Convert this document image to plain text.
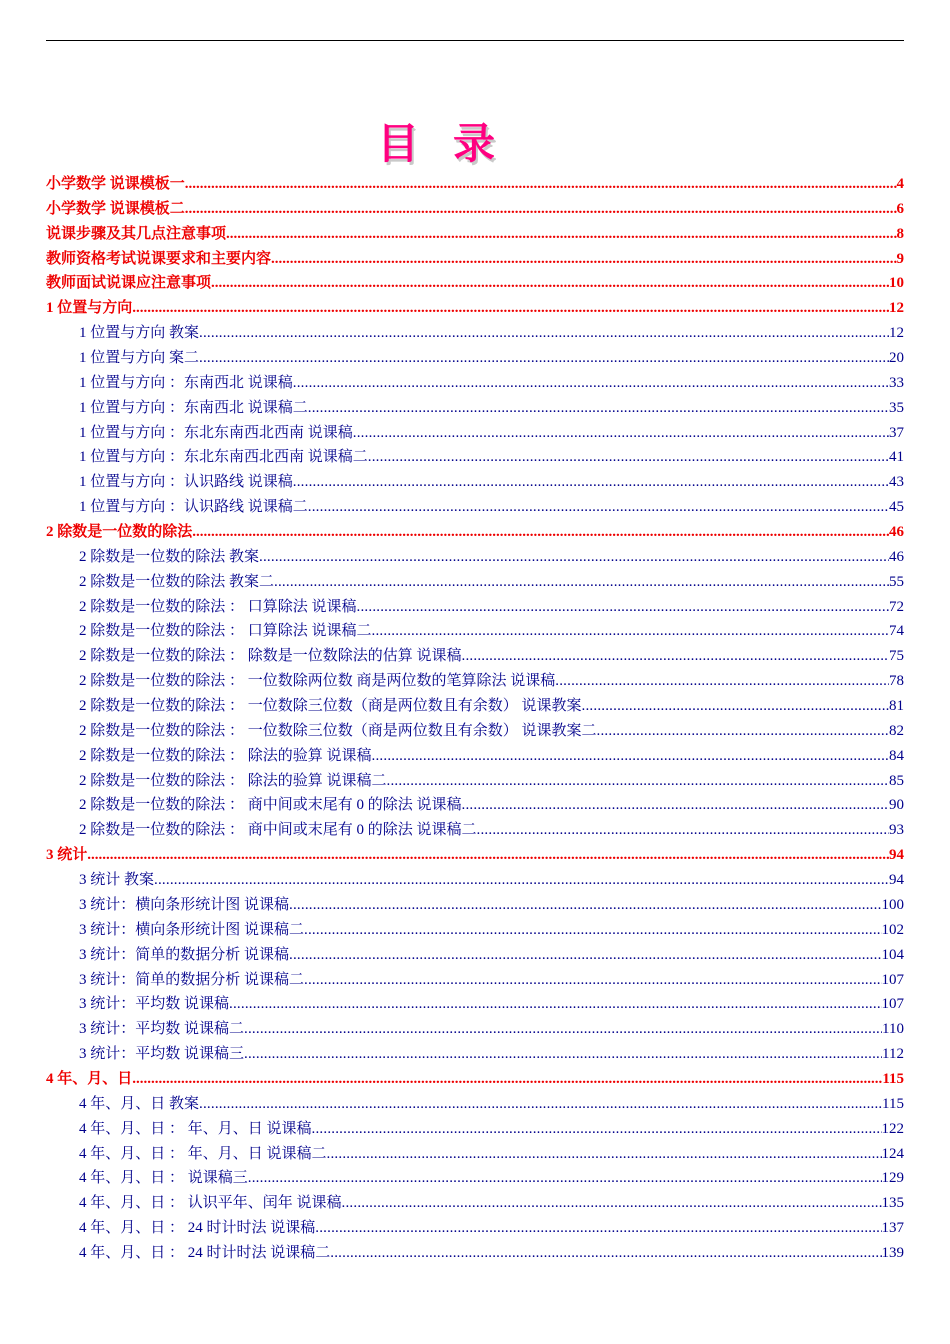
目录
小学数学 说课模板一 .....	4
小学数学 说课模板二 .....	6
说课步骤及其几点注意事项 .....	8
教师资格考试说课要求和主要内容 .....	9
教师面试说课应注意事项 .....	10
1 位置与方向 .....	12
1 位置与方向 教案 .....	12
1 位置与方向 案二 .....	20
1 位置与方向 ：东南西北 说课稿 .....	33
1 位置与方向 ：东南西北 说课稿二 .....	35
1 位置与方向 ：东北东南西北西南 说课稿 .....	37
1 位置与方向 ：东北东南西北西南 说课稿二 .....	41
1 位置与方向 ：认识路线 说课稿 .....	43
1 位置与方向 ：认识路线 说课稿二 .....	45
2 除数是一位数的除法 .....	46
2 除数是一位数的除法 教案 .....	46
2 除数是一位数的除法 教案二 .....	55
2 除数是一位数的除法 ： 口算除法 说课稿 .....	72
2 除数是一位数的除法 ： 口算除法 说课稿二 .....	74
2 除数是一位数的除法 ： 除数是一位数除法的估算 说课稿 .....	75
2 除数是一位数的除法 ： 一位数除两位数 商是两位数的笔算除法 说课稿 .....	78
2 除数是一位数的除法 ： 一位数除三位数（商是两位数且有余数） 说课教案 .....	81
2 除数是一位数的除法 ： 一位数除三位数（商是两位数且有余数） 说课教案二 .....	82
2 除数是一位数的除法 ： 除法的验算 说课稿 .....	84
2 除数是一位数的除法 ： 除法的验算 说课稿二 .....	85
2 除数是一位数的除法 ： 商中间或末尾有 0 的除法 说课稿 .....	90
2 除数是一位数的除法 ： 商中间或末尾有 0 的除法 说课稿二 .....	93
3 统计 .....	94
3 统计 教案 .....	94
3 统计：横向条形统计图 说课稿 .....	100
3 统计：横向条形统计图 说课稿二 .....	102
3 统计：简单的数据分析 说课稿 .....	104
3 统计：简单的数据分析 说课稿二 .....	107
3 统计：平均数 说课稿 .....	107
3 统计：平均数 说课稿二 .....	110
3 统计：平均数 说课稿三 .....	112
4 年、月、日 .....	115
4 年、月、日 教案 .....	115
4 年、月、日 ： 年、月、日 说课稿 .....	122
4 年、月、日 ： 年、月、日 说课稿二 .....	124
4 年、月、日 ： 说课稿三 .....	129
4 年、月、日 ： 认识平年、闰年 说课稿 .....	135
4 年、月、日 ： 24 时计时法 说课稿 .....	137
4 年、月、日 ： 24 时计时法 说课稿二 .....	139
